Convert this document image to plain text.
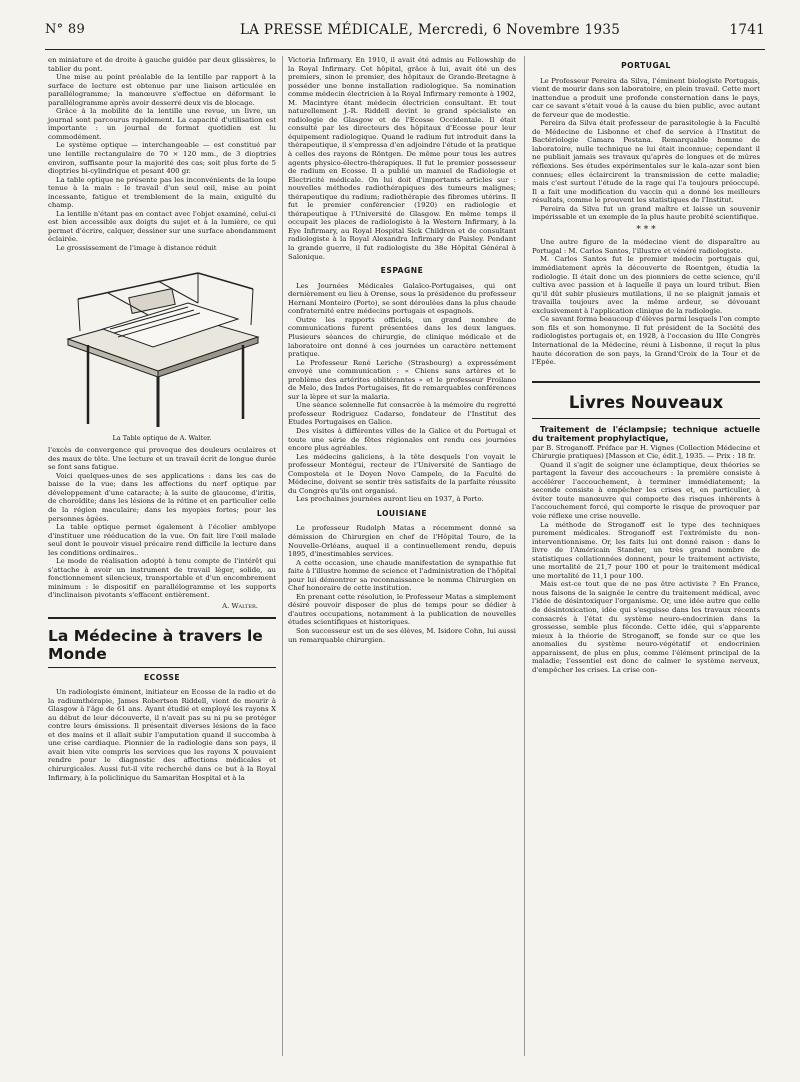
N° 89	LA PRESSE MÉDICALE, Mercredi, 6 Novembre 1935	1741

en miniature et de droite à gauche guidée par deux glissières, le tablier du pont.

Une mise au point préalable de la lentille par rapport à la surface de lecture est obtenue par une liaison articulée en parallélogramme; la manœuvre s'effectue en déformant le parallélogramme après avoir desserré deux vis de blocage.

Grâce à la mobilité de la lentille une revue, un livre, un journal sont parcourus rapidement. La capacité d'utilisation est importante : un journal de format quotidien est lu commodément.

Le système optique — interchangeable — est constitué par une lentille rectangulaire de 70 × 120 mm., de 3 dioptries environ, suffisante pour la majorité des cas; soit plus forte de 5 dioptries bi-cylindrique et pesant 400 gr.

La table optique ne présente pas les inconvénients de la loupe tenue à la main : le travail d'un seul œil, mise au point incessante, fatigue et tremblement de la main, exiguïté du champ.

La lentille n'étant pas en contact avec l'objet examiné, celui-ci est bien accessible aux doigts du sujet et à la lumière, ce qui permet d'écrire, calquer, dessiner sur une surface abondamment éclairée.

Le grossissement de l'image à distance réduit

La Table optique de A. Walter.

l'excès de convergence qui provoque des douleurs oculaires et des maux de tête. Une lecture et un travail écrit de longue durée se font sans fatigue.

Voici quelques-unes de ses applications : dans les cas de baisse de la vue; dans les affections du nerf optique par développement d'une cataracte; à la suite de glaucome, d'iritis, de choroïdite; dans les lésions de la rétine et en particulier celle de la région maculaire; dans les myopies fortes; pour les personnes âgées.

La table optique permet également à l'écolier amblyope d'instituer une rééducation de la vue. On fait lire l'œil malade seul dont le pouvoir visuel précaire rend difficile la lecture dans les conditions ordinaires..

Le mode de réalisation adopté à tenu compte de l'intérêt qui s'attache à avoir un instrument de travail léger, solide, au fonctionnement silencieux, transportable et d'un encombrement minimum : le dispositif en parallélogramme et les supports d'inclinaison pivotants s'effacent entièrement.

A. Walter.
La Médecine à travers le Monde
ECOSSE

Un radiologiste éminent, initiateur en Ecosse de la radio et de la radiumthérapie, James Robertson Riddell, vient de mourir à Glasgow à l'âge de 61 ans. Ayant étudié et employé les rayons X au début de leur découverte, il n'avait pas su ni pu se protéger contre leurs émissions. Il présentait diverses lésions de la face et des mains et il allait subir l'amputation quand il succomba à une crise cardiaque. Pionnier de la radiologie dans son pays, il avait bien vite compris les services que les rayons X pouvaient rendre pour le diagnostic des affections médicales et chirurgicales. Aussi fut-il vite recherché dans ce but à la Royal Infirmary, à la policlinique du Samaritan Hospital et à la

Victoria Infirmary. En 1910, il avait été admis au Fellowship de la Royal Infirmary. Cet hôpital, grâce à lui, avait été un des premiers, sinon le premier, des hôpitaux de Grande-Bretagne à posséder une bonne installation radiologique. Sa nomination comme médecin électricien à la Royal Infirmary remonte à 1902, M. Macintyre étant médecin électricien consultant. Et tout naturellement J.-R. Riddell devint le grand spécialiste en radiologie de Glasgow et de l'Ecosse Occidentale. Il était consulté par les directeurs des hôpitaux d'Ecosse pour leur équipement radiologique. Quand le radium fut introduit dans la thérapeutique, il s'empressa d'en adjoindre l'étude et la pratique à celles des rayons de Röntgen. De même pour tous les autres agents physico-électro-thérapiques. Il fut le premier possesseur de radium en Ecosse. Il a publié un manuel de Radiologie et Electricité médicale. On lui doit d'importants articles sur : nouvelles méthodes radiothérapiques des tumeurs malignes; thérapeutique du radium; radiothérapie des fibromes utérins. Il fut le premier conférencier (1920) en radiologie et thérapeutique à l'Université de Glasgow. En même temps il occupait les places de radiologiste à la Western Infirmary, à la Eye Infirmary, au Royal Hospital Sick Children et de consultant radiologiste à la Royal Alexandra Infirmary de Paisley. Pendant la grande guerre, il fut radiologiste du 38e Hôpital Général à Salonique.

ESPAGNE

Les Journées Médicales Galaïco-Portugaises, qui ont dernièrement eu lieu à Orense, sous la présidence du professeur Hernani Monteiro (Porto), se sont déroulées dans la plus chaude confraternité entre médecins portugais et espagnols.

Outre les rapports officiels, un grand nombre de communications furent présentées dans les deux langues. Plusieurs séances de chirurgie, de clinique médicale et de laboratoire ont donné à ces journées un caractère nettement pratique.

Le Professeur René Leriche (Strasbourg) a expressément envoyé une communication : « Chiens sans artères et le problème des artérites oblitérantes » et le professeur Froilano de Melo, des Indes Portugaises, fit de remarquables conférences sur la lèpre et sur la malaria.

Une séance solennelle fut consacrée à la mémoire du regretté professeur Rodriguez Cadarso, fondateur de l'Institut des Etudes Portugaises en Galice.

Des visites à différentes villes de la Galice et du Portugal et toute une série de fêtes régionales ont rendu ces journées encore plus agréables.

Les médecins galiciens, à la tête desquels l'on voyait le professeur Montégui, recteur de l'Université de Santiago de Compostela et le Doyen Novo Campelo, de la Faculté de Médecine, doivent se sentir très satisfaits de la parfaite réussite du Congrès qu'ils ont organisé.

Les prochaines journées auront lieu en 1937, à Porto.

LOUISIANE

Le professeur Rudolph Matas a récemment donné sa démission de Chirurgien en chef de l'Hôpital Touro, de la Nouvelle-Orléans, auquel il a continuellement rendu, depuis 1895, d'inestimables services.

A cette occasion, une chaude manifestation de sympathie fut faite à l'illustre homme de science et l'administration de l'hôpital pour lui démontrer sa reconnaissance le nomma Chirurgien en Chef honoraire de cette institution.

En prenant cette résolution, le Professeur Matas a simplement désiré pouvoir disposer de plus de temps pour se dédier à d'autres occupations, notamment à la publication de nouvelles études scientifiques et historiques.

Son successeur est un de ses élèves, M. Isidore Cohn, lui aussi un remarquable chirurgien.

PORTUGAL

Le Professeur Pereira da Silva, l'éminent biologiste Portugais, vient de mourir dans son laboratoire, en plein travail. Cette mort inattendue a produit une profonde consternation dans le pays, car ce savant s'était voué à la cause du bien public, avec autant de ferveur que de modestie.

Pereira da Silva était professeur de parasitologie à la Faculté de Médecine de Lisbonne et chef de service à l'Institut de Bactériologie Camara Pestana. Remarquable homme de laboratoire, nulle technique ne lui était inconnue; cependant il ne publiait jamais ses travaux qu'après de longues et de mûres réflexions. Ses études expérimentales sur le kala-azar sont bien connues; elles éclaircirent la transmission de cette maladie; mais c'est surtout l'étude de la rage qui l'a toujours préoccupé. Il a fait une modification du vaccin qui a donné les meilleurs résultats, comme le prouvent les statistiques de l'Institut.

Pereira da Silva fut un grand maître et laisse un souvenir impérissable et un exemple de la plus haute probité scientifique.

* * *

Une autre figure de la médecine vient de disparaître au Portugal : M. Carlos Santos, l'illustre et vénéré radiologiste.

M. Carlos Santos fut le premier médecin portugais qui, immédiatement après la découverte de Roentgen, étudia la radiologie. Il était donc un des pionniers de cette science, qu'il cultiva avec passion et à laquelle il paya un lourd tribut. Bien qu'il dût subir plusieurs mutilations, il ne se plaignit jamais et travailla toujours avec la même ardeur, se dévouant exclusivement à l'application clinique de la radiologie.

Ce savant forma beaucoup d'élèves parmi lesquels l'on compte son fils et son homonyme. Il fut président de la Société des radiologistes portugais et, en 1928, à l'occasion du IIIe Congrès International de la Médecine, réuni à Lisbonne, il reçut la plus haute décoration de son pays, la Grand'Croix de la Tour et de l'Epée.

Livres Nouveaux

Traitement de l'éclampsie; technique actuelle du traitement prophylactique,

par B. Stroganoff. Préface par H. Vignes (Collection Médecine et Chirurgie pratiques) [Masson et Cie, édit.], 1935. — Prix : 18 fr.

Quand il s'agit de soigner une éclamptique, deux théories se partagent la faveur des accoucheurs : la première consiste à accélérer l'accouchement, à terminer immédiatement; la seconde consiste à empêcher les crises et, en particulier, à éviter toute manœuvre qui comporte des risques inhérents à l'accouchement forcé, qui comporte le risque de provoquer par voie réflexe une crise nouvelle.

La méthode de Stroganoff est le type des techniques purement médicales. Stroganoff est l'extrémiste du non-interventionnisme. Or, les faits lui ont donné raison : dans le livre de l'Américain Stander, un très grand nombre de statistiques collationnées donnent, pour le traitement activiste, une mortalité de 21,7 pour 100 et pour le traitement médical une mortalité de 11,1 pour 100.

Mais est-ce tout que de ne pas être activiste ? En France, nous faisons de la saignée le centre du traitement médical, avec l'idée de désintoxiquer l'organisme. Or, une idée autre que celle de désintoxication, idée qui s'esquisse dans les travaux récents consacrés à l'état du système neuro-endocrinien dans la grossesse, semble plus féconde. Cette idée, qui s'apparente mieux à la théorie de Stroganoff, se fonde sur ce que les anomalies du système neuro-végétatif et endocrinien apparaissent, de plus en plus, comme l'élément principal de la maladie; l'essentiel est donc de calmer le système nerveux, d'empêcher les crises. La crise con-
